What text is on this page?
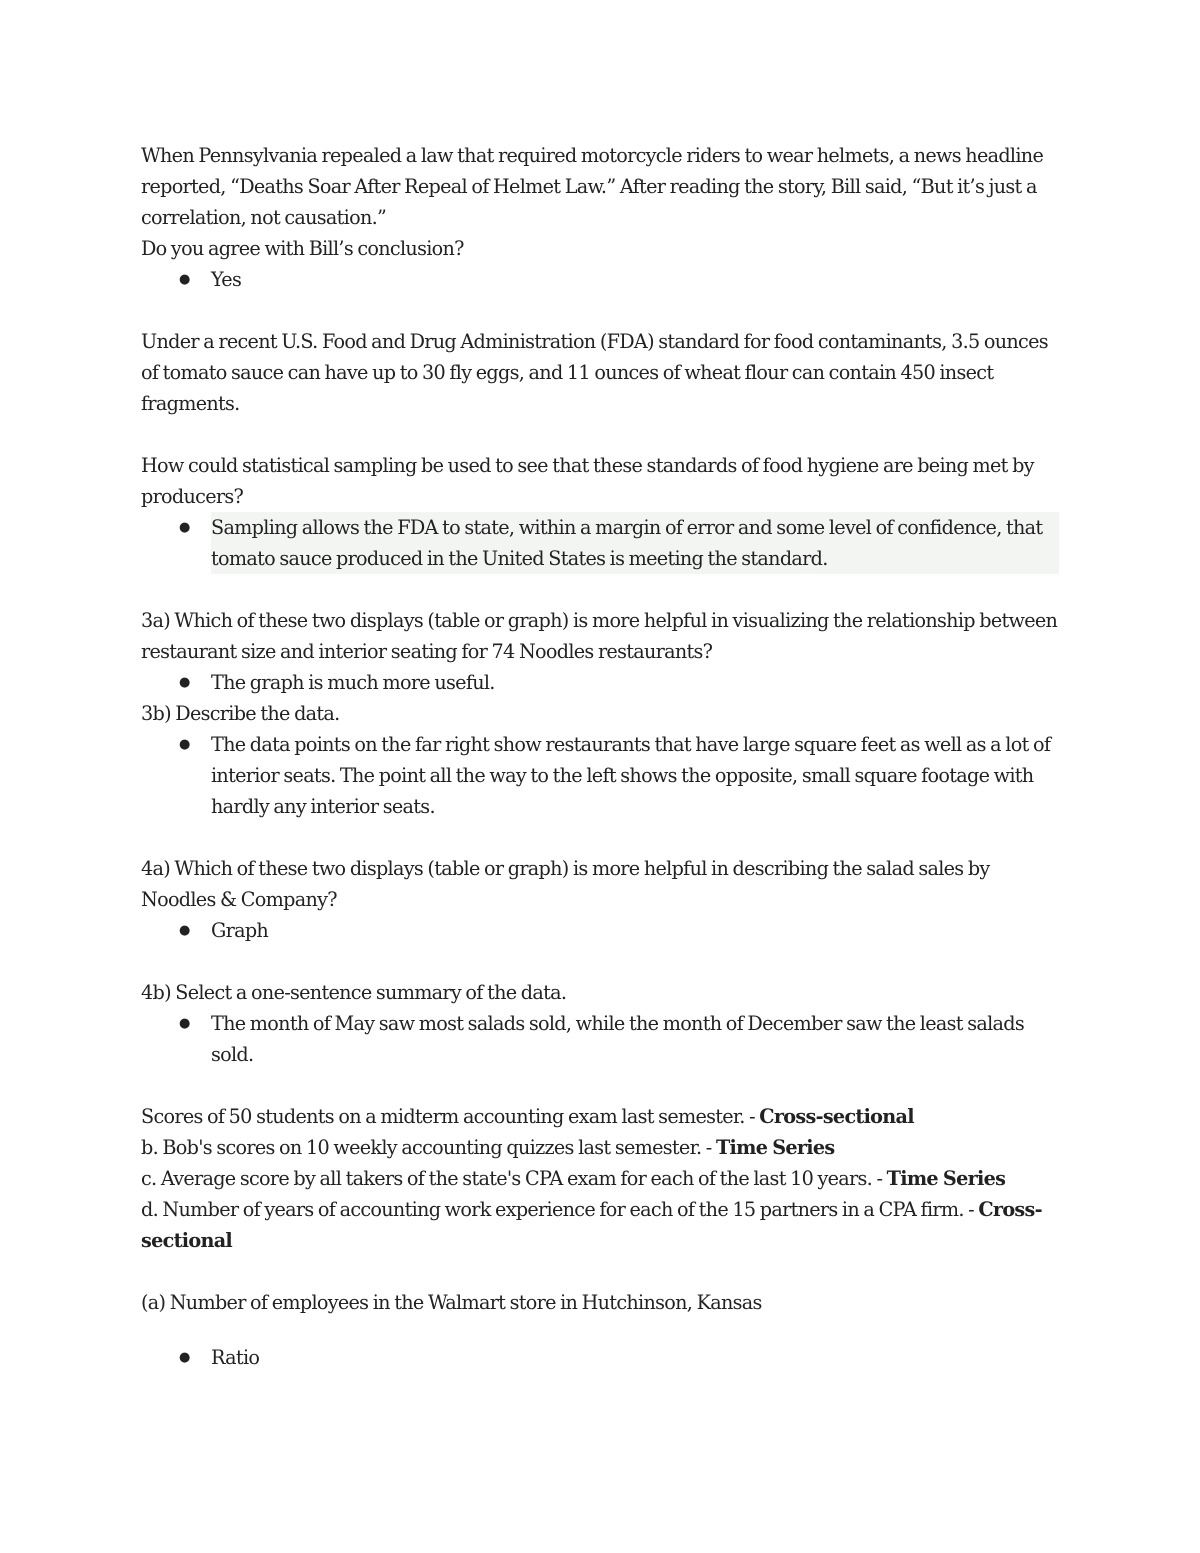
When Pennsylvania repealed a law that required motorcycle riders to wear helmets, a news headline reported, “Deaths Soar After Repeal of Helmet Law.” After reading the story, Bill said, “But it’s just a correlation, not causation.”

Do you agree with Bill’s conclusion?

● Yes

Under a recent U.S. Food and Drug Administration (FDA) standard for food contaminants, 3.5 ounces of tomato sauce can have up to 30 fly eggs, and 11 ounces of wheat flour can contain 450 insect fragments.

How could statistical sampling be used to see that these standards of food hygiene are being met by producers?

● Sampling allows the FDA to state, within a margin of error and some level of confidence, that tomato sauce produced in the United States is meeting the standard.

3a) Which of these two displays (table or graph) is more helpful in visualizing the relationship between restaurant size and interior seating for 74 Noodles restaurants?

● The graph is much more useful.

3b) Describe the data.

● The data points on the far right show restaurants that have large square feet as well as a lot of interior seats. The point all the way to the left shows the opposite, small square footage with hardly any interior seats.

4a) Which of these two displays (table or graph) is more helpful in describing the salad sales by Noodles & Company?

● Graph

4b) Select a one-sentence summary of the data.

● The month of May saw most salads sold, while the month of December saw the least salads sold.

Scores of 50 students on a midterm accounting exam last semester. - Cross-sectional

b. Bob's scores on 10 weekly accounting quizzes last semester. - Time Series

c. Average score by all takers of the state's CPA exam for each of the last 10 years. - Time Series

d. Number of years of accounting work experience for each of the 15 partners in a CPA firm. - Cross-sectional

(a) Number of employees in the Walmart store in Hutchinson, Kansas

● Ratio
